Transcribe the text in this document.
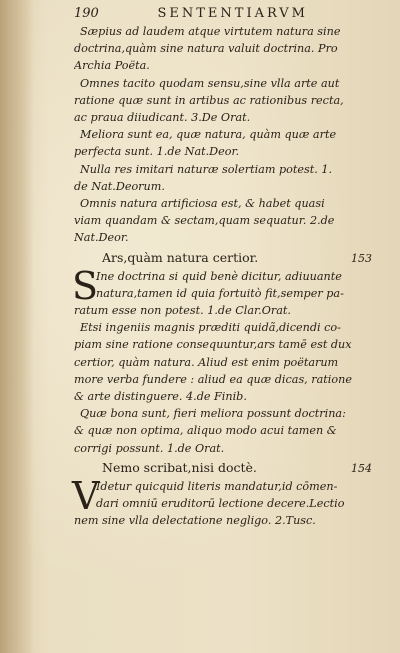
190	SENTENTIARVM

Sæpius ad laudem atque virtutem natura sine
doctrina,quàm sine natura valuit doctrina. Pro
Archia Poëta.

Omnes tacito quodam sensu,sine vlla arte aut
ratione quæ sunt in artibus ac rationibus recta,
ac praua diiudicant. 3.De Orat.

Meliora sunt ea, quæ natura, quàm quæ arte
perfecta sunt. 1.de Nat.Deor.

Nulla res imitari naturæ solertiam potest. 1.
de Nat.Deorum.

Omnis natura artificiosa est, & habet quasi
viam quandam & sectam,quam sequatur. 2.de
Nat.Deor.

Ars,quàm natura certior.	153
S
Ine doctrina si quid benè dicitur, adiuuante
natura,tamen id quia fortuitò fit,semper pa-
ratum esse non potest. 1.de Clar.Orat.

Etsi ingeniis magnis præditi quidã,dicendi co-
piam sine ratione consequuntur,ars tamē est dux
certior, quàm natura. Aliud est enim poëtarum
more verba fundere : aliud ea quæ dicas, ratione
& arte distinguere. 4.de Finib.

Quæ bona sunt, fieri meliora possunt doctrina:
& quæ non optima, aliquo modo acui tamen &
corrigi possunt. 1.de Orat.

Nemo scribat,nisi doctè.	154
V
Idetur quicquid literis mandatur,id cōmen-
dari omniū eruditorū lectione decere.Lectio
nem sine vlla delectatione negligo. 2.Tusc.
